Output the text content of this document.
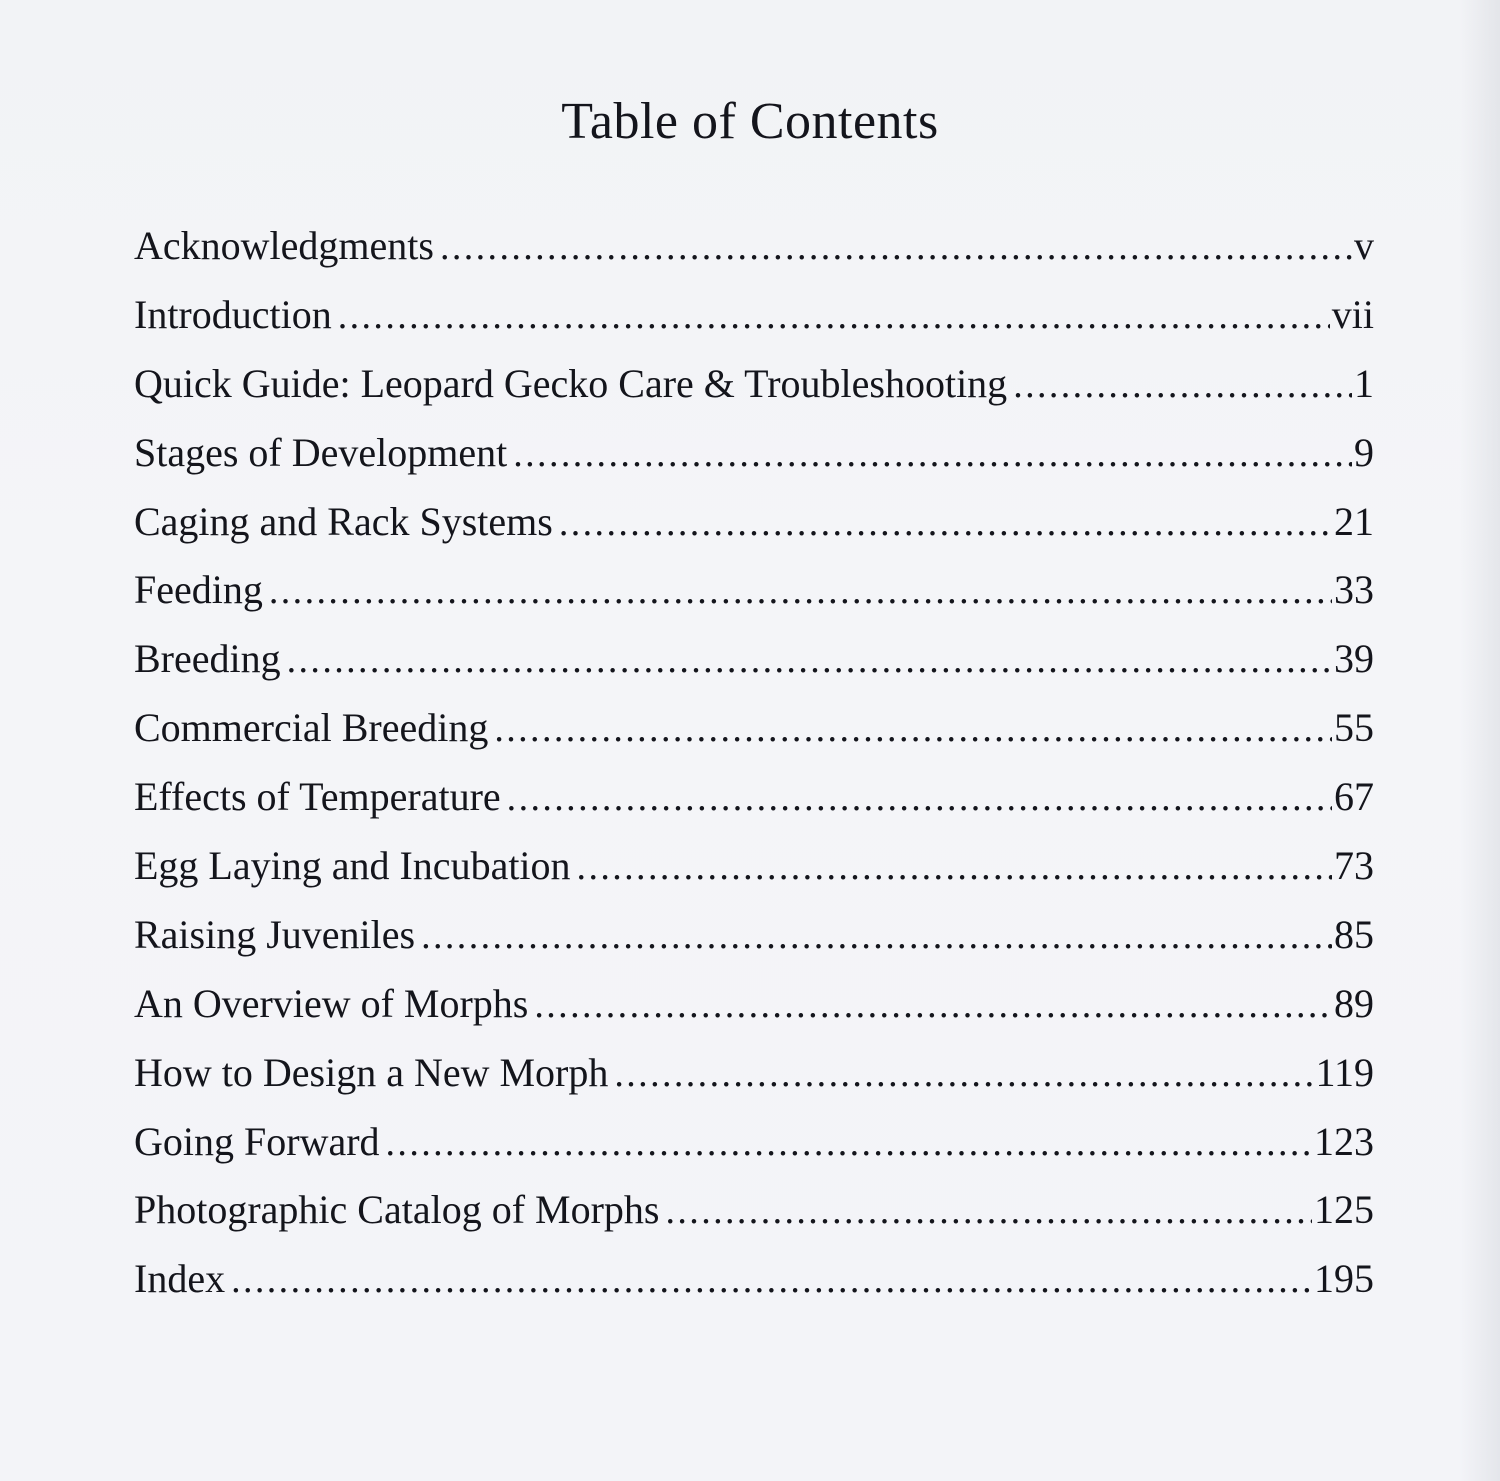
Table of Contents
Acknowledgments .....	v
Introduction .....	vii
Quick Guide: Leopard Gecko Care & Troubleshooting .....	1
Stages of Development .....	9
Caging and Rack Systems .....	21
Feeding .....	33
Breeding .....	39
Commercial Breeding .....	55
Effects of Temperature .....	67
Egg Laying and Incubation .....	73
Raising Juveniles .....	85
An Overview of Morphs .....	89
How to Design a New Morph .....	119
Going Forward .....	123
Photographic Catalog of Morphs .....	125
Index .....	195
